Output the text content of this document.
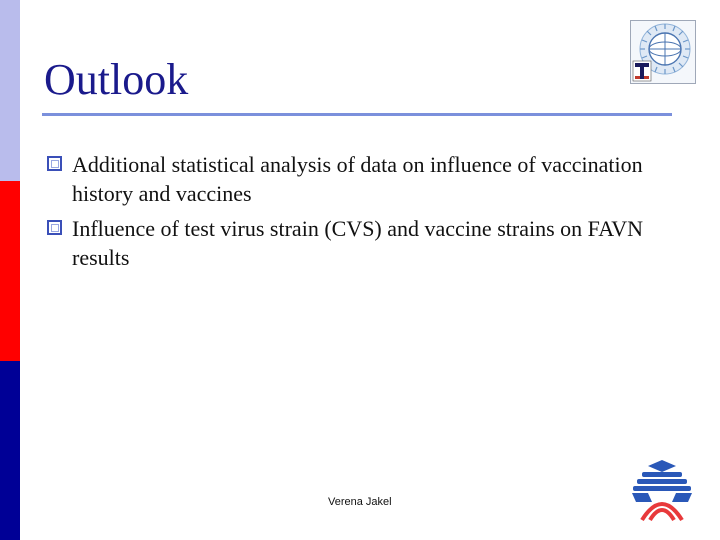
Outlook
Additional statistical analysis of data on influence of vaccination history and vaccines
Influence of test virus strain (CVS) and vaccine strains on FAVN results
Verena Jakel
